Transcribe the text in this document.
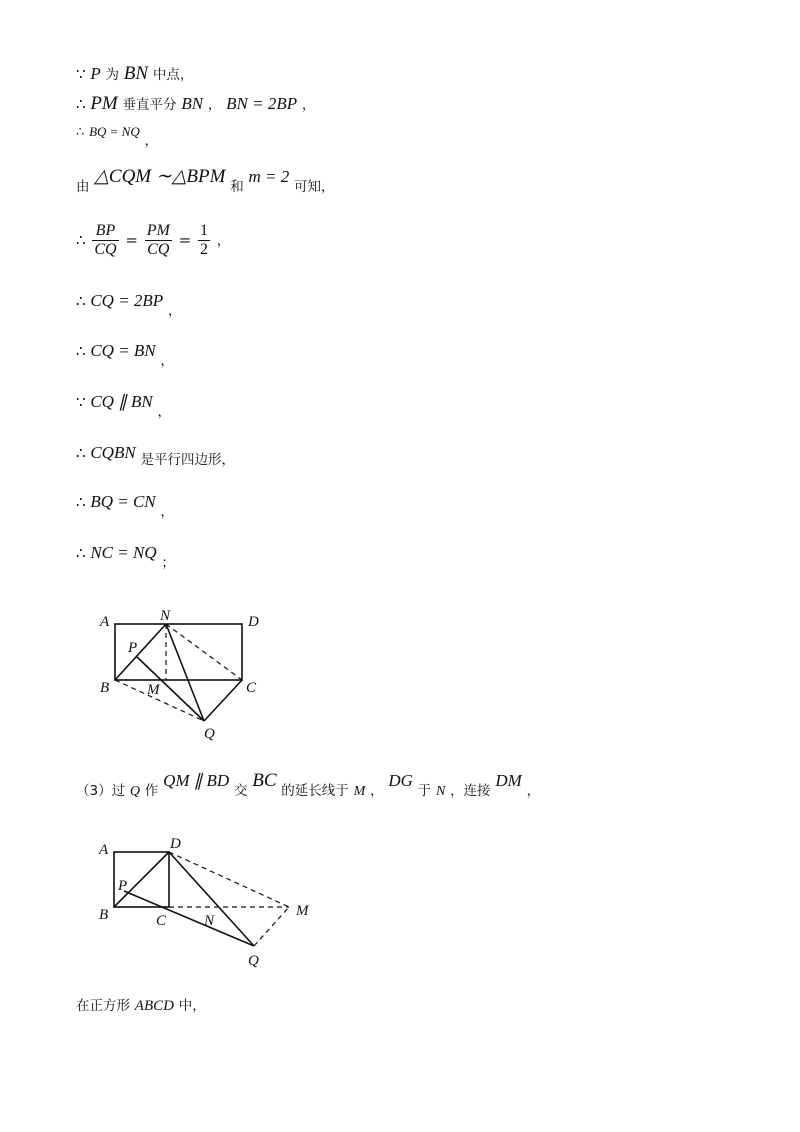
∵ P 为 BN 中点，
∴ PM 垂直平分 BN ， BN = 2BP ，
∴ BQ = NQ ，
由 △CQM ∼△BPM 和 m = 2 可知，
∴ $\frac{BP}{CQ} = \frac{PM}{CQ} = \frac{1}{2}$ ，
∴ CQ = 2BP ，
∴ CQ = BN ，
∵ CQ ∥ BN ，
∴ CQBN 是平行四边形，
∴ BQ = CN ，
∴ NC = NQ ；
A	N	D
P
B	M	C
Q
（3）过 Q 作 QM ∥ BD 交 BC 的延长线于 M ， DG 于 N ，连接 DM ，
A	D
P
B	C	N
M
Q
在正方形 ABCD 中，
